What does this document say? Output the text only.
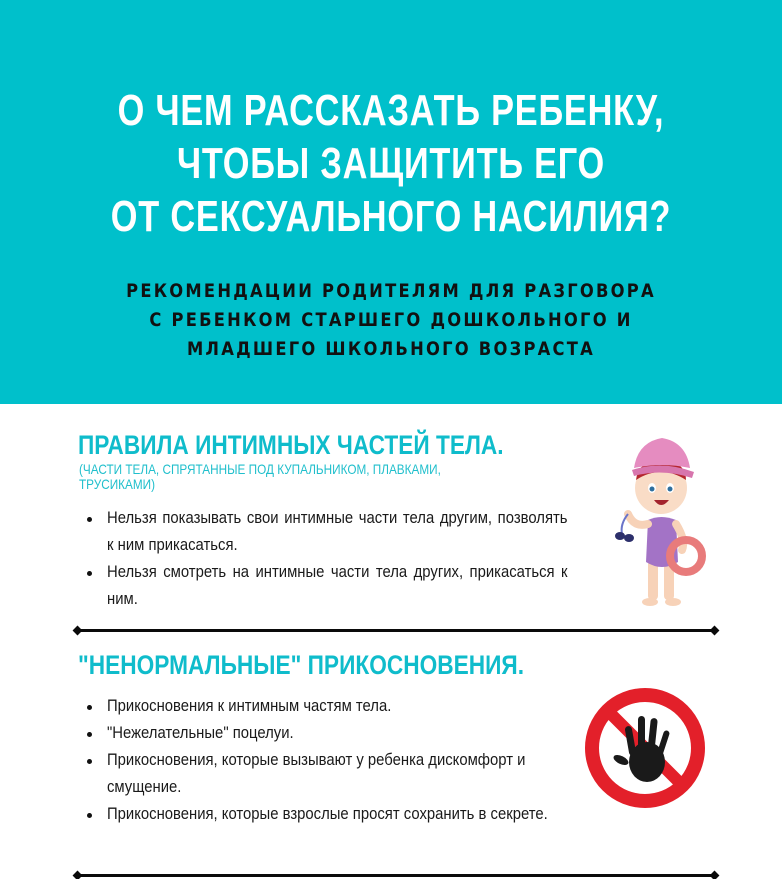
О ЧЕМ РАССКАЗАТЬ РЕБЕНКУ,
ЧТОБЫ ЗАЩИТИТЬ ЕГО
ОТ СЕКСУАЛЬНОГО НАСИЛИЯ?
РЕКОМЕНДАЦИИ РОДИТЕЛЯМ ДЛЯ РАЗГОВОРА
С РЕБЕНКОМ СТАРШЕГО ДОШКОЛЬНОГО И
МЛАДШЕГО ШКОЛЬНОГО ВОЗРАСТА
ПРАВИЛА ИНТИМНЫХ ЧАСТЕЙ ТЕЛА.
(ЧАСТИ ТЕЛА, СПРЯТАННЫЕ ПОД КУПАЛЬНИКОМ, ПЛАВКАМИ,
ТРУСИКАМИ)
Нельзя показывать свои интимные части тела другим, позволять к ним прикасаться.
Нельзя смотреть на интимные части тела других, прикасаться к ним.
"НЕНОРМАЛЬНЫЕ" ПРИКОСНОВЕНИЯ.
Прикосновения к интимным частям тела.
"Нежелательные" поцелуи.
Прикосновения, которые вызывают у ребенка дискомфорт и смущение.
Прикосновения, которые взрослые просят сохранить в секрете.
